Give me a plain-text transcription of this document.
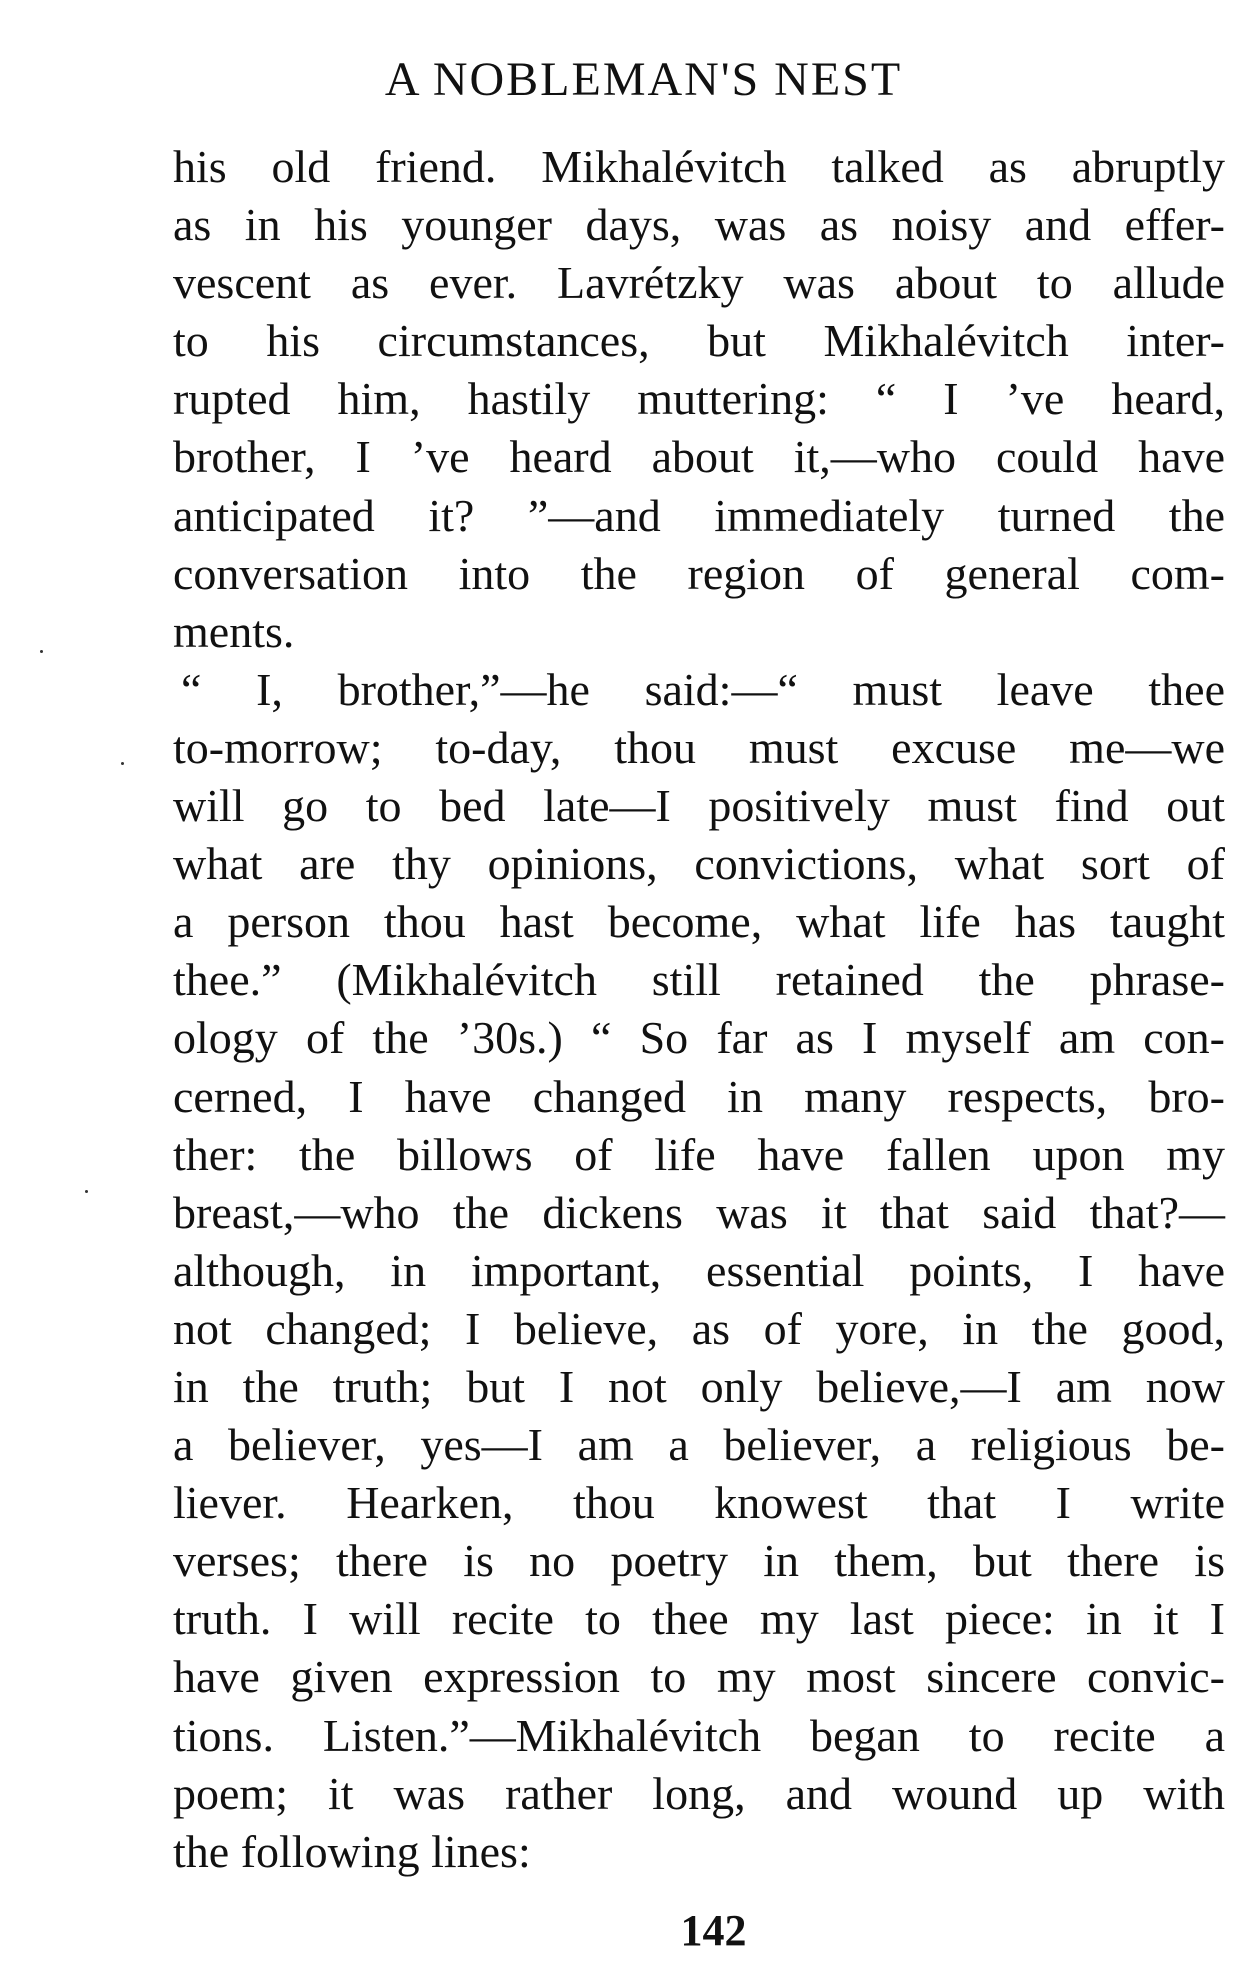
A NOBLEMAN'S NEST
his old friend. Mikhalévitch talked as abruptly
as in his younger days, was as noisy and effer-
vescent as ever. Lavrétzky was about to allude
to his circumstances, but Mikhalévitch inter-
rupted him, hastily muttering: “ I ’ve heard,
brother, I ’ve heard about it,—who could have
anticipated it? ”—and immediately turned the
conversation into the region of general com-
ments.
“ I, brother,”—he said:—“ must leave thee
to-morrow; to-day, thou must excuse me—we
will go to bed late—I positively must find out
what are thy opinions, convictions, what sort of
a person thou hast become, what life has taught
thee.” (Mikhalévitch still retained the phrase-
ology of the ’30s.) “ So far as I myself am con-
cerned, I have changed in many respects, bro-
ther: the billows of life have fallen upon my
breast,—who the dickens was it that said that?—
although, in important, essential points, I have
not changed; I believe, as of yore, in the good,
in the truth; but I not only believe,—I am now
a believer, yes—I am a believer, a religious be-
liever. Hearken, thou knowest that I write
verses; there is no poetry in them, but there is
truth. I will recite to thee my last piece: in it I
have given expression to my most sincere convic-
tions. Listen.”—Mikhalévitch began to recite a
poem; it was rather long, and wound up with
the following lines:
142
